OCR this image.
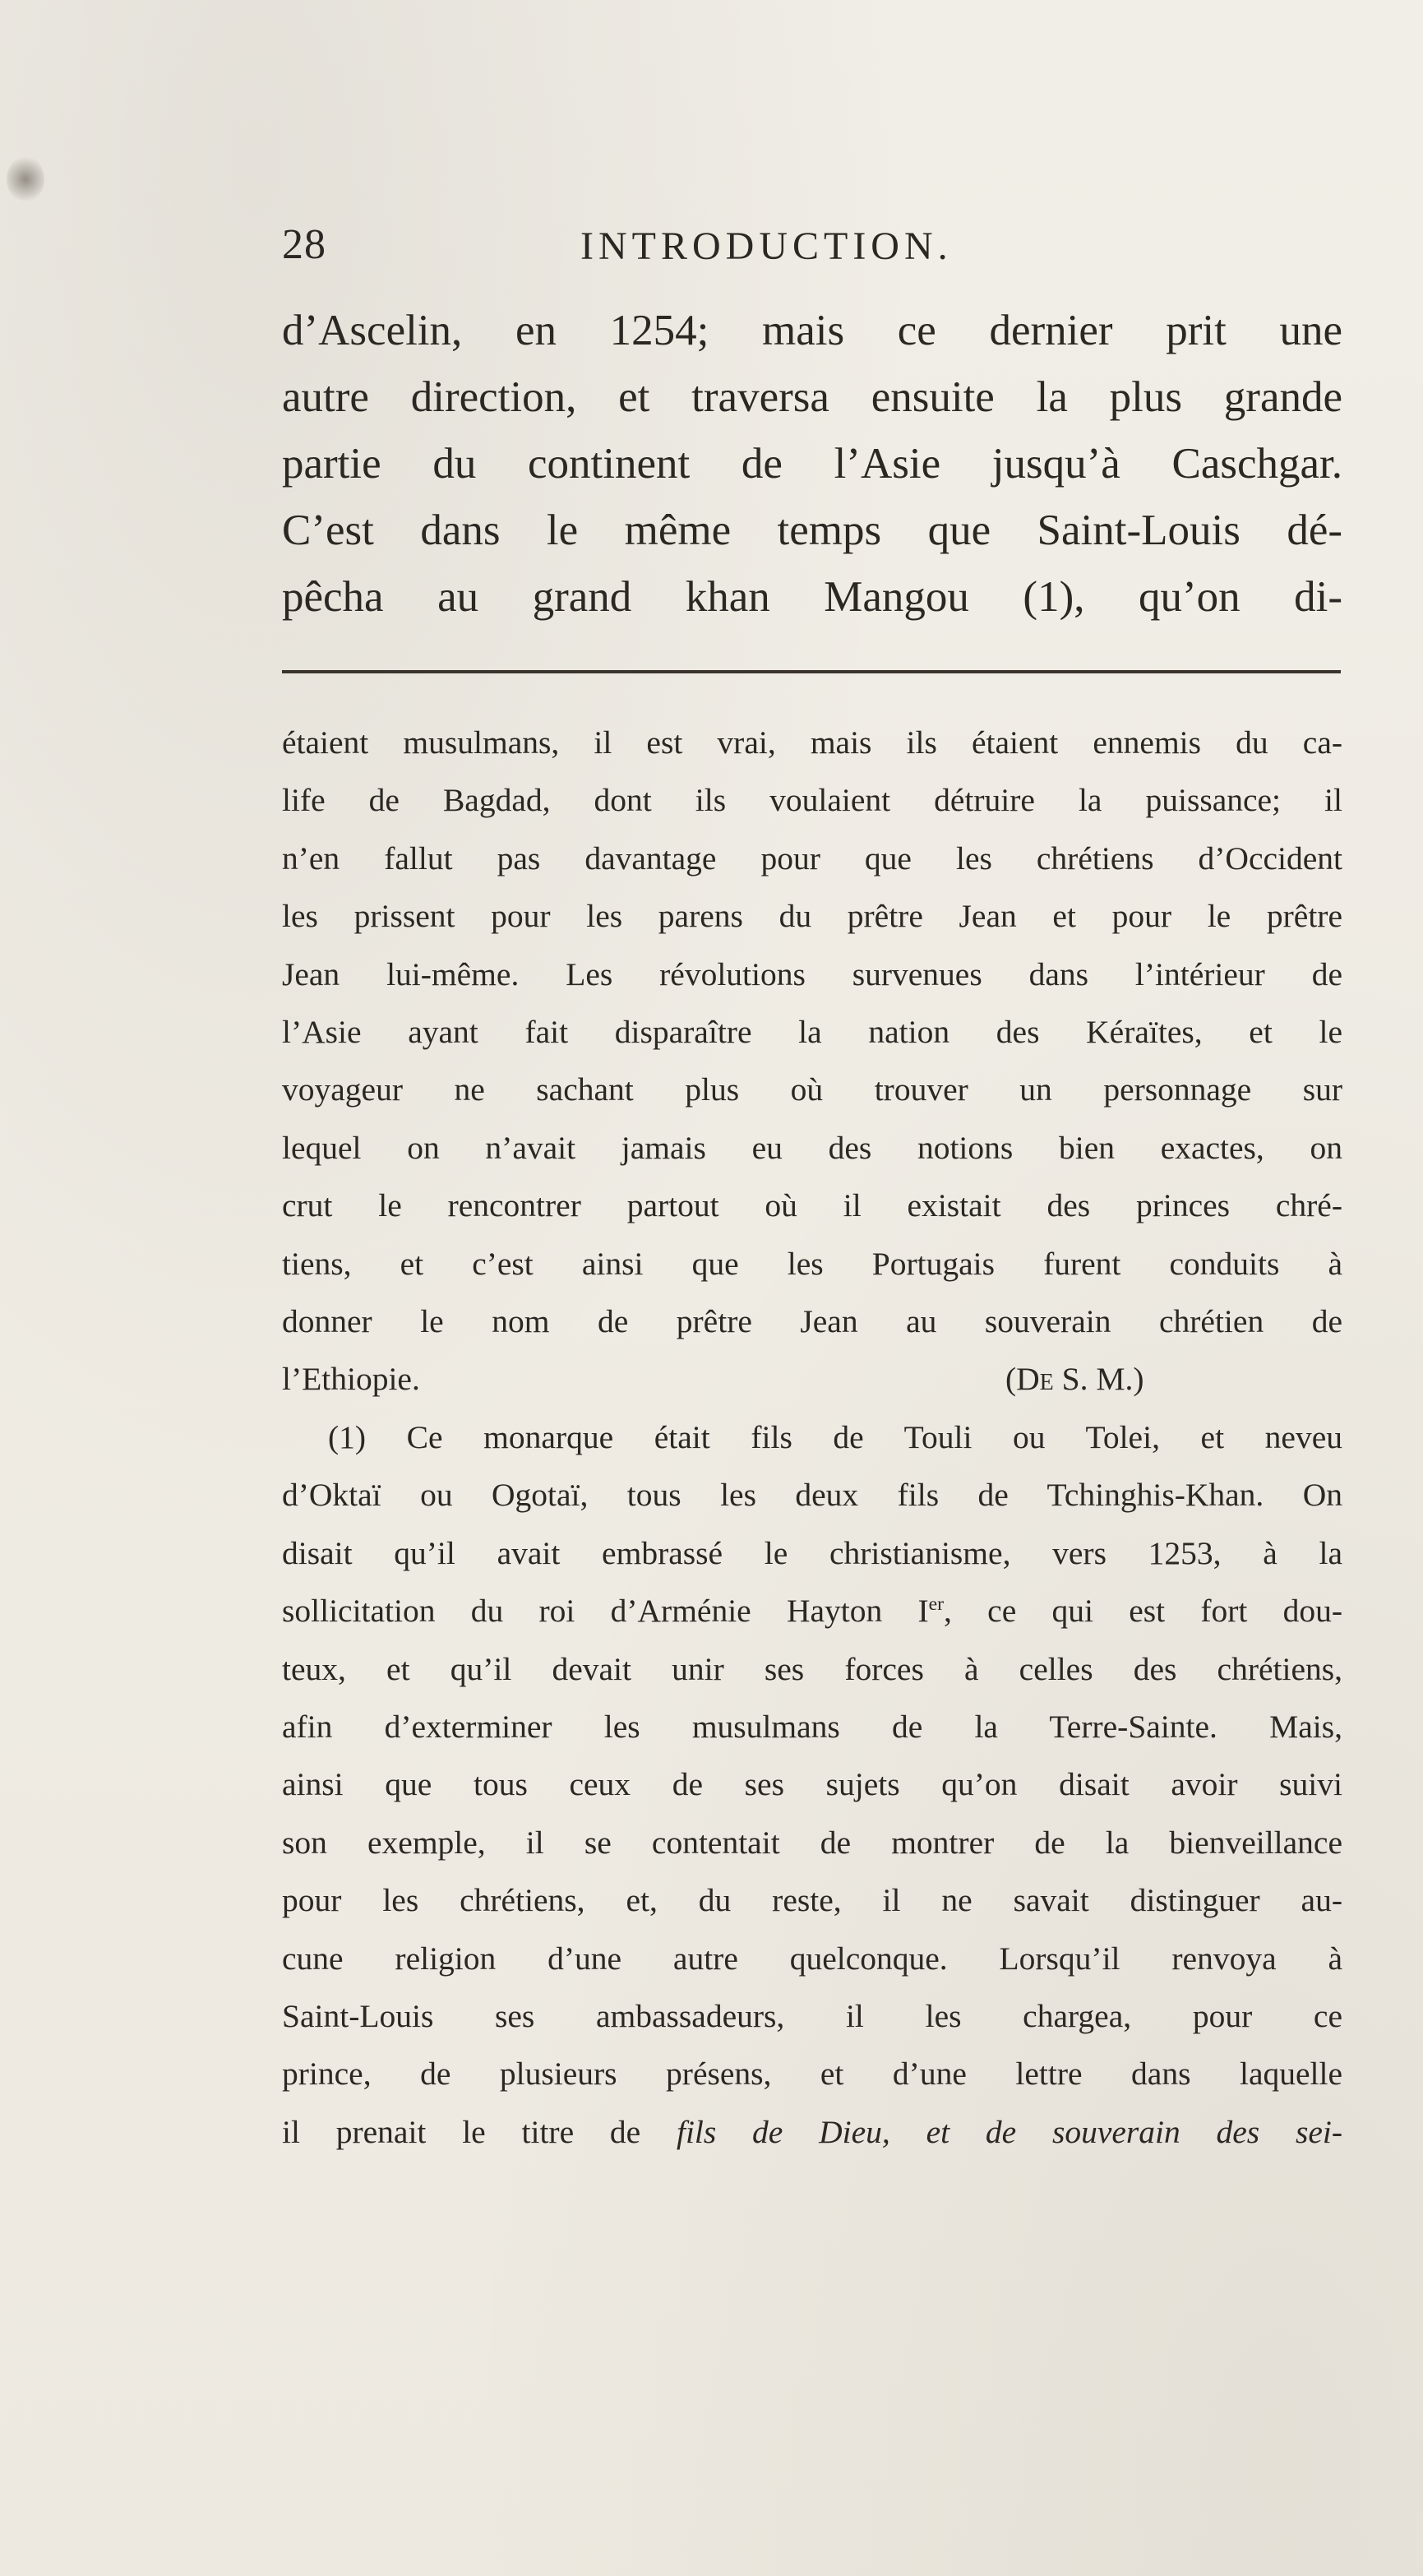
28	INTRODUCTION.
d’Ascelin, en 1254; mais ce dernier prit une
autre direction, et traversa ensuite la plus grande
partie du continent de l’Asie jusqu’à Caschgar.
C’est dans le même temps que Saint-Louis dé-
pêcha au grand khan Mangou (1), qu’on di-
étaient musulmans, il est vrai, mais ils étaient ennemis du ca-
life de Bagdad, dont ils voulaient détruire la puissance; il
n’en fallut pas davantage pour que les chrétiens d’Occident
les prissent pour les parens du prêtre Jean et pour le prêtre
Jean lui-même. Les révolutions survenues dans l’intérieur de
l’Asie ayant fait disparaître la nation des Kéraïtes, et le
voyageur ne sachant plus où trouver un personnage sur
lequel on n’avait jamais eu des notions bien exactes, on
crut le rencontrer partout où il existait des princes chré-
tiens, et c’est ainsi que les Portugais furent conduits à
donner le nom de prêtre Jean au souverain chrétien de
l’Ethiopie.	(De S. M.)
(1) Ce monarque était fils de Touli ou Tolei, et neveu
d’Oktaï ou Ogotaï, tous les deux fils de Tchinghis-Khan. On
disait qu’il avait embrassé le christianisme, vers 1253, à la
sollicitation du roi d’Arménie Hayton Ier, ce qui est fort dou-
teux, et qu’il devait unir ses forces à celles des chrétiens,
afin d’exterminer les musulmans de la Terre-Sainte. Mais,
ainsi que tous ceux de ses sujets qu’on disait avoir suivi
son exemple, il se contentait de montrer de la bienveillance
pour les chrétiens, et, du reste, il ne savait distinguer au-
cune religion d’une autre quelconque. Lorsqu’il renvoya à
Saint-Louis ses ambassadeurs, il les chargea, pour ce
prince, de plusieurs présens, et d’une lettre dans laquelle
il prenait le titre de fils de Dieu, et de souverain des sei-
